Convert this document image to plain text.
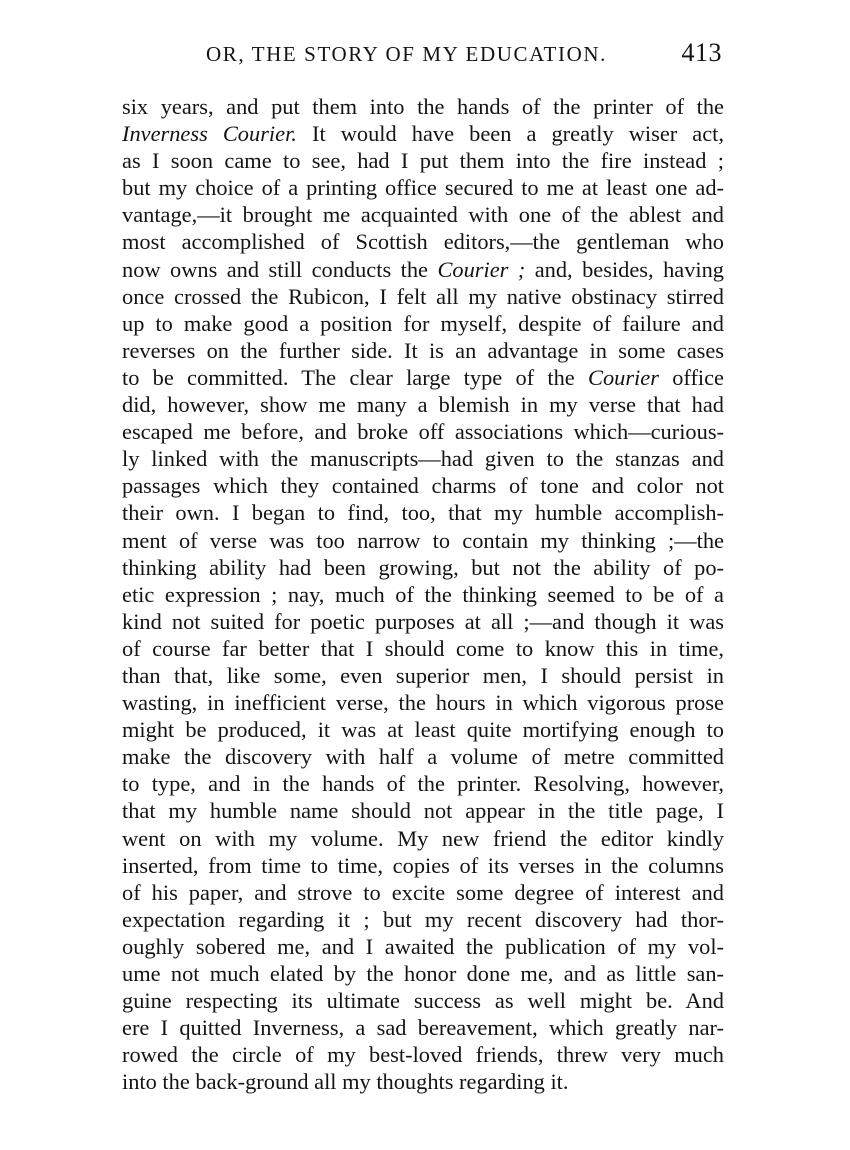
OR, THE STORY OF MY EDUCATION.	413
six years, and put them into the hands of the printer of the
Inverness Courier. It would have been a greatly wiser act,
as I soon came to see, had I put them into the fire instead ;
but my choice of a printing office secured to me at least one ad-
vantage,—it brought me acquainted with one of the ablest and
most accomplished of Scottish editors,—the gentleman who
now owns and still conducts the Courier ; and, besides, having
once crossed the Rubicon, I felt all my native obstinacy stirred
up to make good a position for myself, despite of failure and
reverses on the further side. It is an advantage in some cases
to be committed. The clear large type of the Courier office
did, however, show me many a blemish in my verse that had
escaped me before, and broke off associations which—curious-
ly linked with the manuscripts—had given to the stanzas and
passages which they contained charms of tone and color not
their own. I began to find, too, that my humble accomplish-
ment of verse was too narrow to contain my thinking ;—the
thinking ability had been growing, but not the ability of po-
etic expression ; nay, much of the thinking seemed to be of a
kind not suited for poetic purposes at all ;—and though it was
of course far better that I should come to know this in time,
than that, like some, even superior men, I should persist in
wasting, in inefficient verse, the hours in which vigorous prose
might be produced, it was at least quite mortifying enough to
make the discovery with half a volume of metre committed
to type, and in the hands of the printer. Resolving, however,
that my humble name should not appear in the title page, I
went on with my volume. My new friend the editor kindly
inserted, from time to time, copies of its verses in the columns
of his paper, and strove to excite some degree of interest and
expectation regarding it ; but my recent discovery had thor-
oughly sobered me, and I awaited the publication of my vol-
ume not much elated by the honor done me, and as little san-
guine respecting its ultimate success as well might be. And
ere I quitted Inverness, a sad bereavement, which greatly nar-
rowed the circle of my best-loved friends, threw very much
into the back-ground all my thoughts regarding it.
